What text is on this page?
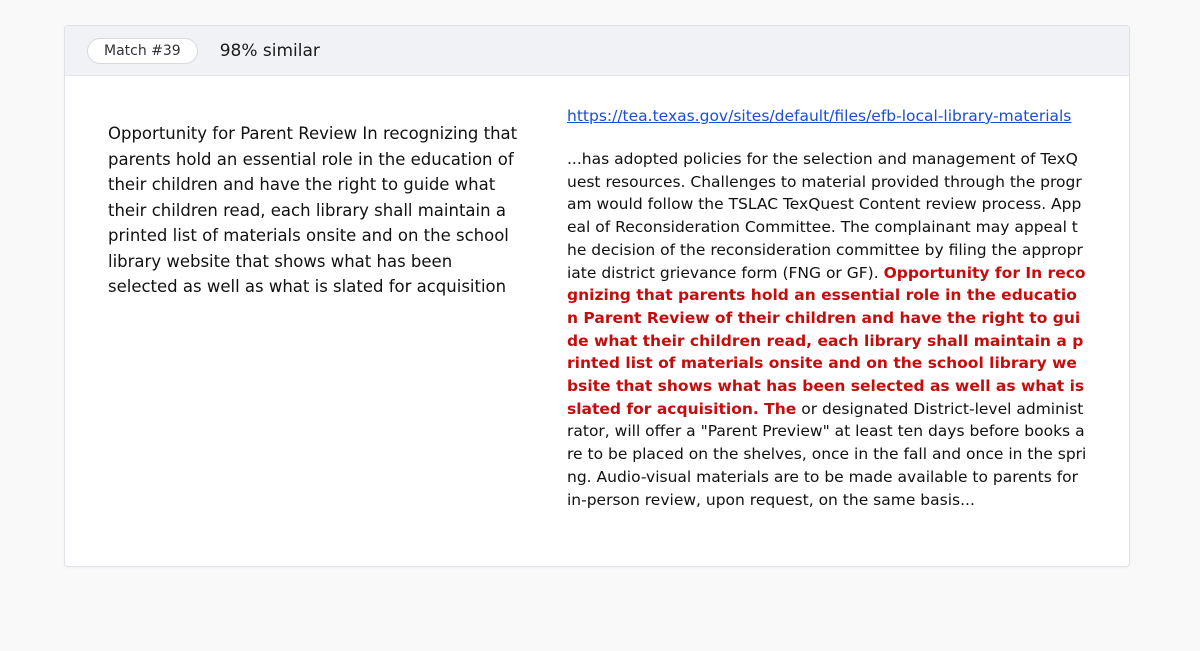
Match #39	98% similar
Opportunity for Parent Review In recognizing that parents hold an essential role in the education of their children and have the right to guide what their children read, each library shall maintain a printed list of materials onsite and on the school library website that shows what has been selected as well as what is slated for acquisition
https://tea.texas.gov/sites/default/files/efb-local-library-materials
...has adopted policies for the selection and management of TexQuest resources. Challenges to material provided through the program would follow the TSLAC TexQuest Content review process. Appeal of Reconsideration Committee. The complainant may appeal the decision of the reconsideration committee by filing the appropriate district grievance form (FNG or GF). Opportunity for In recognizing that parents hold an essential role in the education Parent Review of their children and have the right to guide what their children read, each library shall maintain a printed list of materials onsite and on the school library website that shows what has been selected as well as what is slated for acquisition. The or designated District-level administrator, will offer a "Parent Preview" at least ten days before books are to be placed on the shelves, once in the fall and once in the spring. Audio-visual materials are to be made available to parents for in-person review, upon request, on the same basis...
